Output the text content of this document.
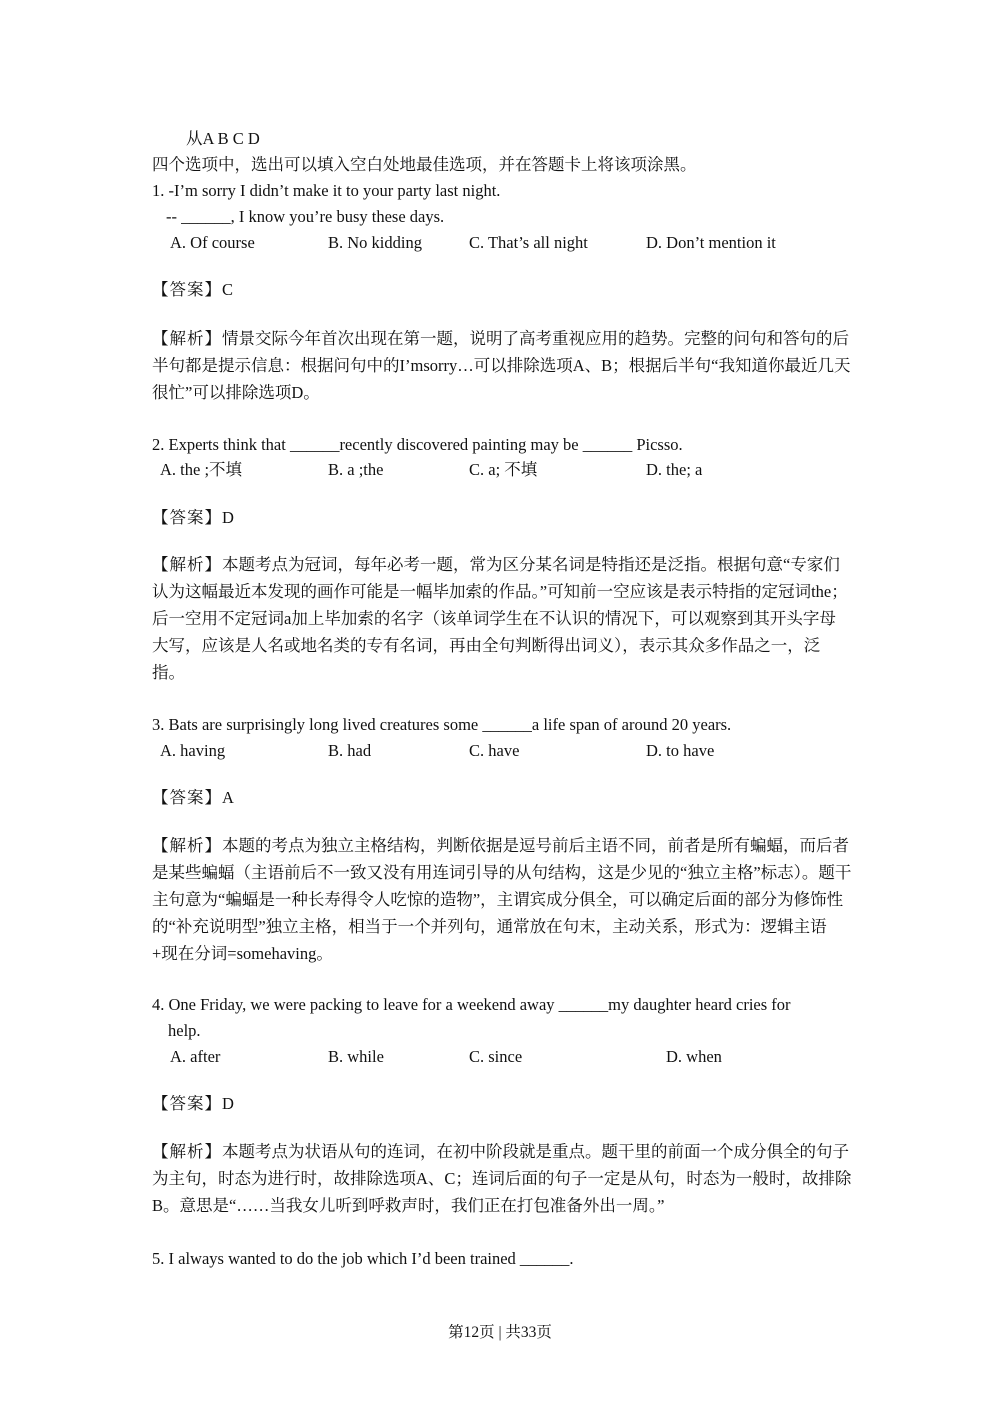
从A B C D
四个选项中，选出可以填入空白处地最佳选项，并在答题卡上将该项涂黑。
1. -I’m sorry I didn’t make it to your party last night.
-- ______, I know you’re busy these days.
A. Of course	B. No kidding	C. That’s all night	D. Don’t mention it
【答案】C
【解析】情景交际今年首次出现在第一题，说明了高考重视应用的趋势。完整的问句和答句的后半句都是提示信息：根据问句中的I’msorry…可以排除选项A、B；根据后半句“我知道你最近几天很忙”可以排除选项D。
2. Experts think that ______recently discovered painting may be ______ Picsso.
A. the ;不填	B. a ;the	C. a; 不填	D. the; a
【答案】D
【解析】本题考点为冠词，每年必考一题，常为区分某名词是特指还是泛指。根据句意“专家们认为这幅最近本发现的画作可能是一幅毕加索的作品。”可知前一空应该是表示特指的定冠词the；后一空用不定冠词a加上毕加索的名字（该单词学生在不认识的情况下，可以观察到其开头字母大写，应该是人名或地名类的专有名词，再由全句判断得出词义），表示其众多作品之一，泛指。
3. Bats are surprisingly long lived creatures some ______a life span of around 20 years.
A. having	B. had	C. have	D. to have
【答案】A
【解析】本题的考点为独立主格结构，判断依据是逗号前后主语不同，前者是所有蝙蝠，而后者是某些蝙蝠（主语前后不一致又没有用连词引导的从句结构，这是少见的“独立主格”标志）。题干主句意为“蝙蝠是一种长寿得令人吃惊的造物”，主谓宾成分俱全，可以确定后面的部分为修饰性的“补充说明型”独立主格，相当于一个并列句，通常放在句末，主动关系，形式为：逻辑主语+现在分词=somehaving。
4. One Friday, we were packing to leave for a weekend away ______my daughter heard cries for
help.
A. after	B. while	C. since	D. when
【答案】D
【解析】本题考点为状语从句的连词，在初中阶段就是重点。题干里的前面一个成分俱全的句子为主句，时态为进行时，故排除选项A、C；连词后面的句子一定是从句，时态为一般时，故排除B。意思是“……当我女儿听到呼救声时，我们正在打包准备外出一周。”
5. I always wanted to do the job which I’d been trained ______.
第12页 | 共33页
